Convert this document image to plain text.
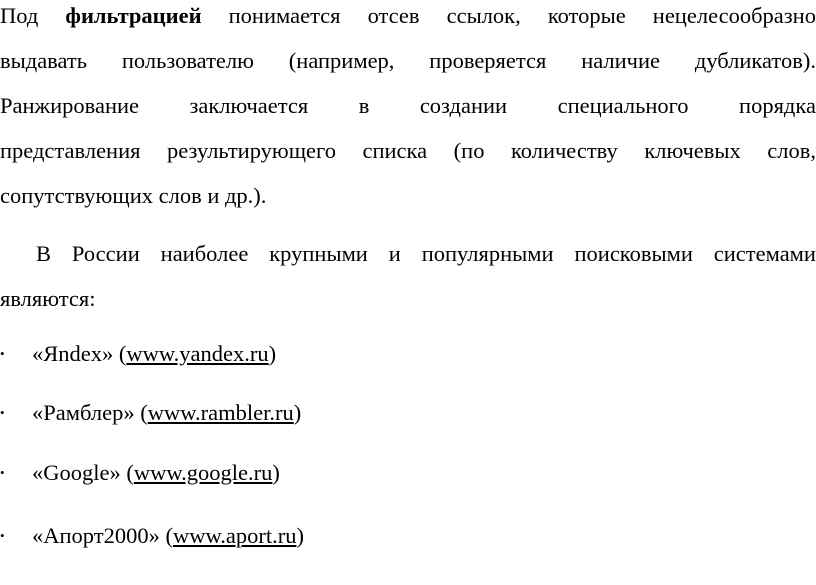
Под фильтрацией понимается отсев ссылок, которые нецелесообразно
выдавать пользователю (например, проверяется наличие дубликатов).
Ранжирование заключается в создании специального порядка
представления результирующего списка (по количеству ключевых слов,
сопутствующих слов и др.).
В России наиболее крупными и популярными поисковыми системами
являются:
• «Яndex» (www.yandex.ru)
• «Рамблер» (www.rambler.ru)
• «Google» (www.google.ru)
• «Апорт2000» (www.aport.ru)
